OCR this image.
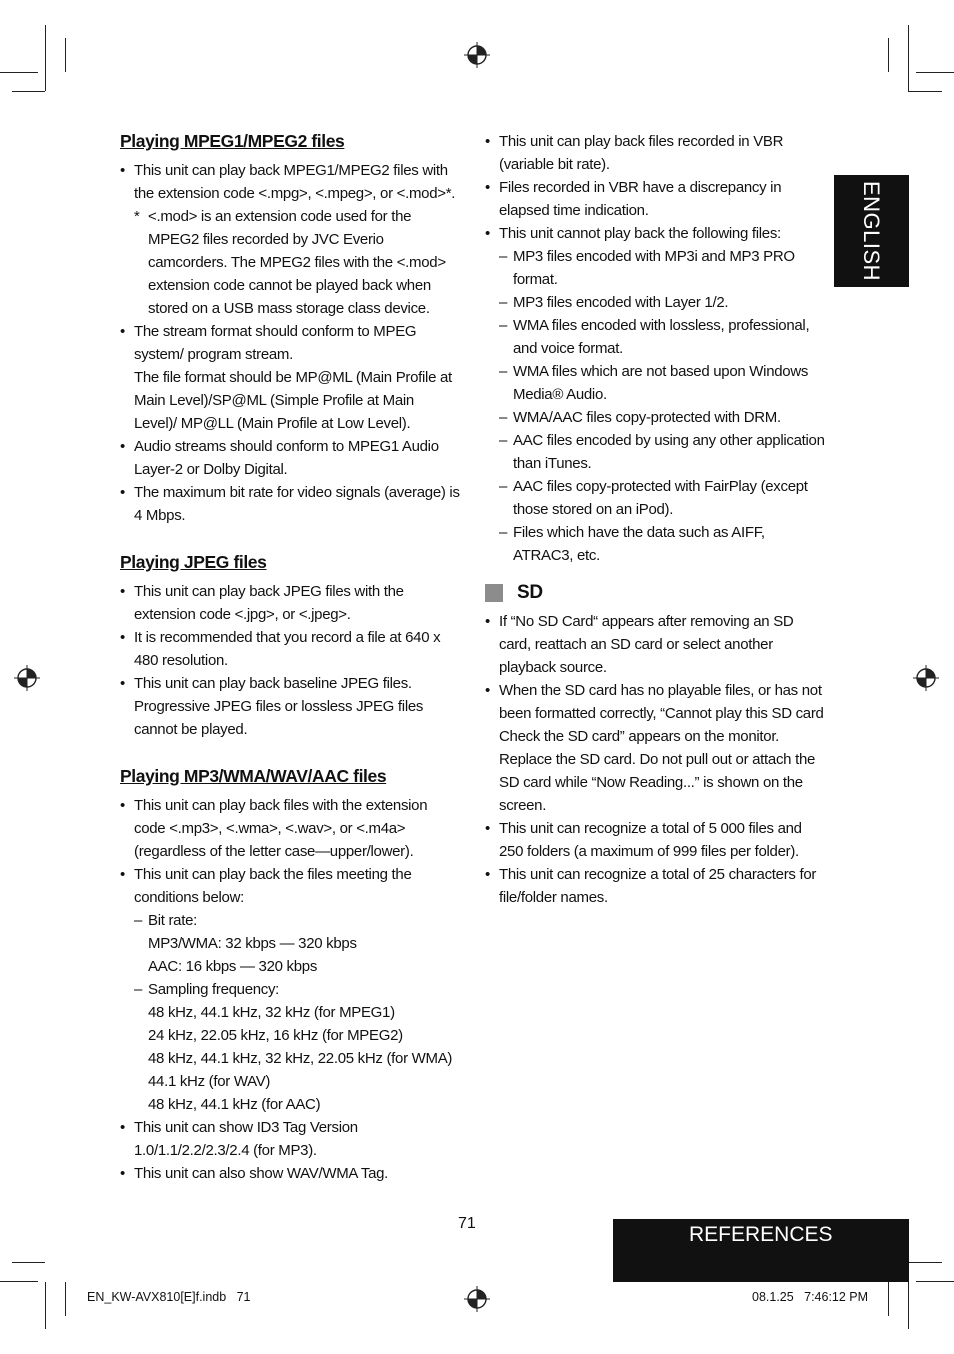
Playing MPEG1/MPEG2 files
• This unit can play back MPEG1/MPEG2 files with the extension code <.mpg>, <.mpeg>, or <.mod>*.
* <.mod> is an extension code used for the MPEG2 files recorded by JVC Everio camcorders. The MPEG2 files with the <.mod> extension code cannot be played back when stored on a USB mass storage class device.
• The stream format should conform to MPEG system/ program stream.
The file format should be MP@ML (Main Profile at Main Level)/SP@ML (Simple Profile at Main Level)/ MP@LL (Main Profile at Low Level).
• Audio streams should conform to MPEG1 Audio Layer-2 or Dolby Digital.
• The maximum bit rate for video signals (average) is 4 Mbps.
Playing JPEG files
• This unit can play back JPEG files with the extension code <.jpg>, or <.jpeg>.
• It is recommended that you record a file at 640 x 480 resolution.
• This unit can play back baseline JPEG files.
Progressive JPEG files or lossless JPEG files cannot be played.
Playing MP3/WMA/WAV/AAC files
• This unit can play back files with the extension code <.mp3>, <.wma>, <.wav>, or <.m4a> (regardless of the letter case—upper/lower).
• This unit can play back the files meeting the conditions below:
– Bit rate:
MP3/WMA: 32 kbps — 320 kbps
AAC: 16 kbps — 320 kbps
– Sampling frequency:
48 kHz, 44.1 kHz, 32 kHz (for MPEG1)
24 kHz, 22.05 kHz, 16 kHz (for MPEG2)
48 kHz, 44.1 kHz, 32 kHz, 22.05 kHz (for WMA)
44.1 kHz (for WAV)
48 kHz, 44.1 kHz (for AAC)
• This unit can show ID3 Tag Version 1.0/1.1/2.2/2.3/2.4 (for MP3).
• This unit can also show WAV/WMA Tag.
• This unit can play back files recorded in VBR (variable bit rate).
• Files recorded in VBR have a discrepancy in elapsed time indication.
• This unit cannot play back the following files:
– MP3 files encoded with MP3i and MP3 PRO format.
– MP3 files encoded with Layer 1/2.
– WMA files encoded with lossless, professional, and voice format.
– WMA files which are not based upon Windows Media® Audio.
– WMA/AAC files copy-protected with DRM.
– AAC files encoded by using any other application than iTunes.
– AAC files copy-protected with FairPlay (except those stored on an iPod).
– Files which have the data such as AIFF, ATRAC3, etc.
SD
• If “No SD Card“ appears after removing an SD card, reattach an SD card or select another playback source.
• When the SD card has no playable files, or has not been formatted correctly, “Cannot play this SD card Check the SD card” appears on the monitor. Replace the SD card. Do not pull out or attach the SD card while “Now Reading...” is shown on the screen.
• This unit can recognize a total of 5 000 files and 250 folders (a maximum of 999 files per folder).
• This unit can recognize a total of 25 characters for file/folder names.
ENGLISH
71	REFERENCES
EN_KW-AVX810[E]f.indb   71	08.1.25   7:46:12 PM
